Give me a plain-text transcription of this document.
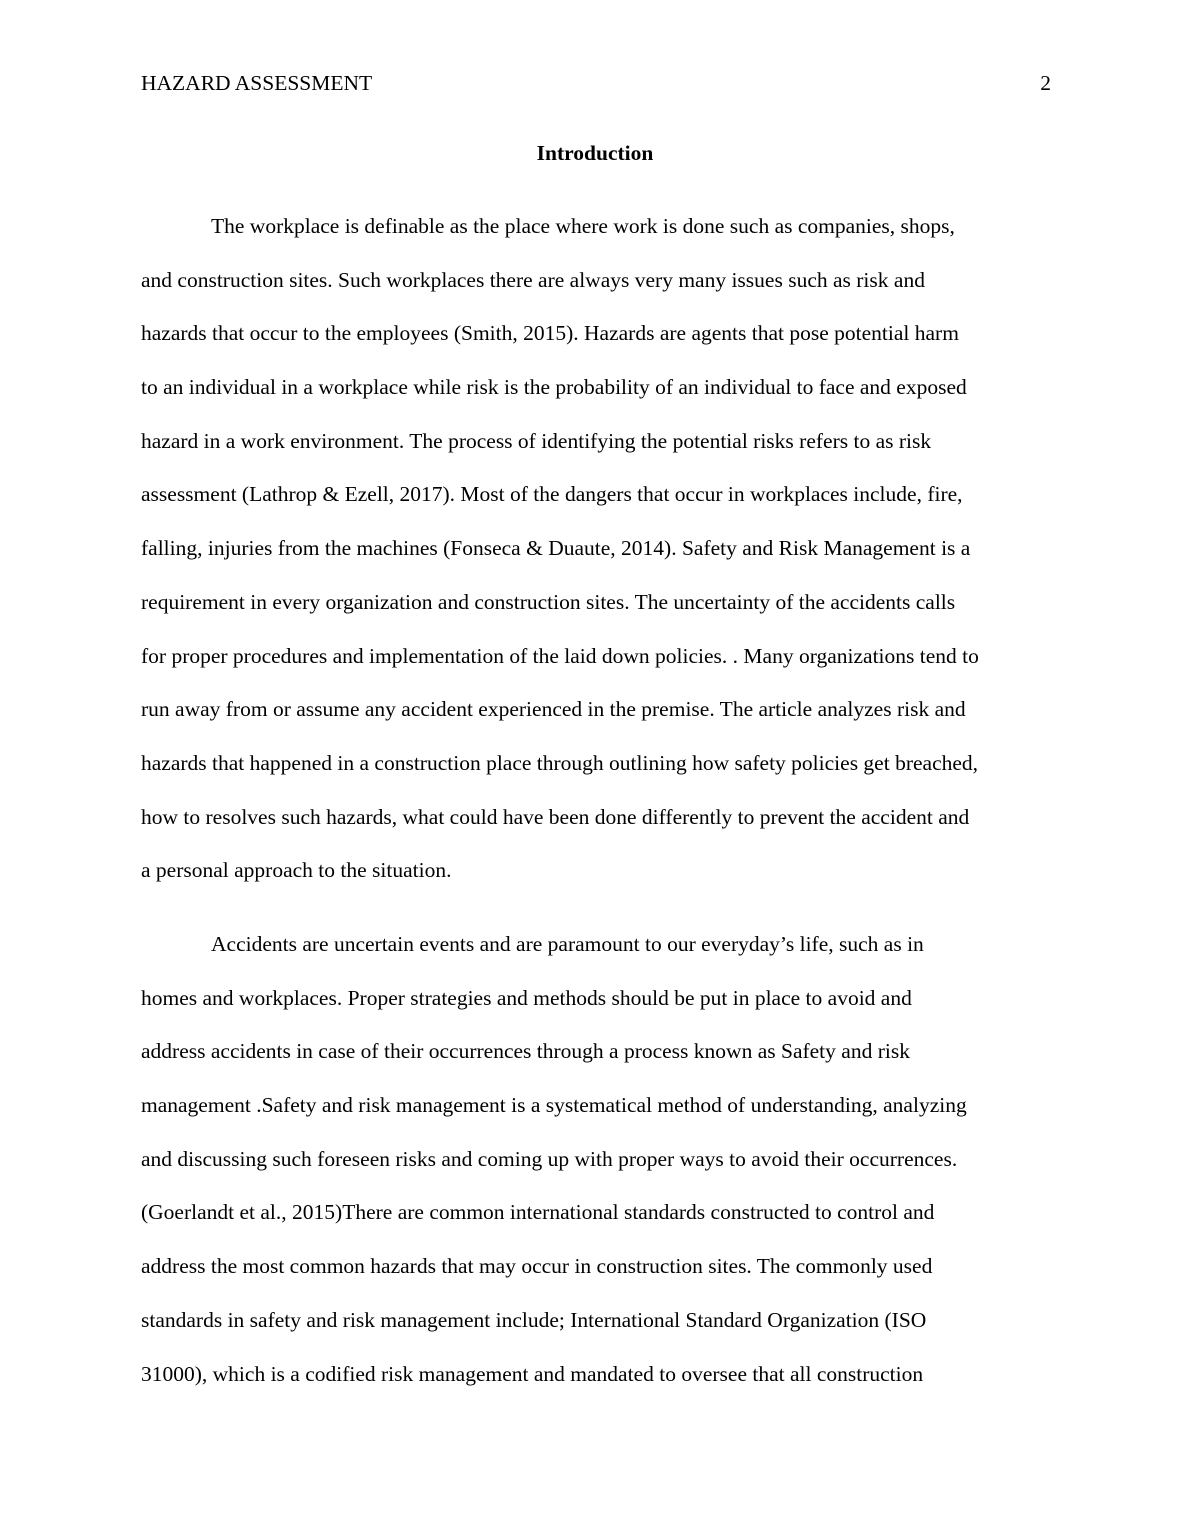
HAZARD ASSESSMENT	2
Introduction
The workplace is definable as the place where work is done such as companies, shops,
and construction sites. Such workplaces there are always very many issues such as risk and
hazards that occur to the employees (Smith, 2015). Hazards are agents that pose potential harm
to an individual in a workplace while risk is the probability of an individual to face and exposed
hazard in a work environment. The process of identifying the potential risks refers to as risk
assessment (Lathrop & Ezell, 2017). Most of the dangers that occur in workplaces include, fire,
falling, injuries from the machines (Fonseca & Duaute, 2014). Safety and Risk Management is a
requirement in every organization and construction sites. The uncertainty of the accidents calls
for proper procedures and implementation of the laid down policies. . Many organizations tend to
run away from or assume any accident experienced in the premise. The article analyzes risk and
hazards that happened in a construction place through outlining how safety policies get breached,
how to resolves such hazards, what could have been done differently to prevent the accident and
a personal approach to the situation.
Accidents are uncertain events and are paramount to our everyday’s life, such as in
homes and workplaces. Proper strategies and methods should be put in place to avoid and
address accidents in case of their occurrences through a process known as Safety and risk
management .Safety and risk management is a systematical method of understanding, analyzing
and discussing such foreseen risks and coming up with proper ways to avoid their occurrences.
(Goerlandt et al., 2015)There are common international standards constructed to control and
address the most common hazards that may occur in construction sites. The commonly used
standards in safety and risk management include; International Standard Organization (ISO
31000), which is a codified risk management and mandated to oversee that all construction
